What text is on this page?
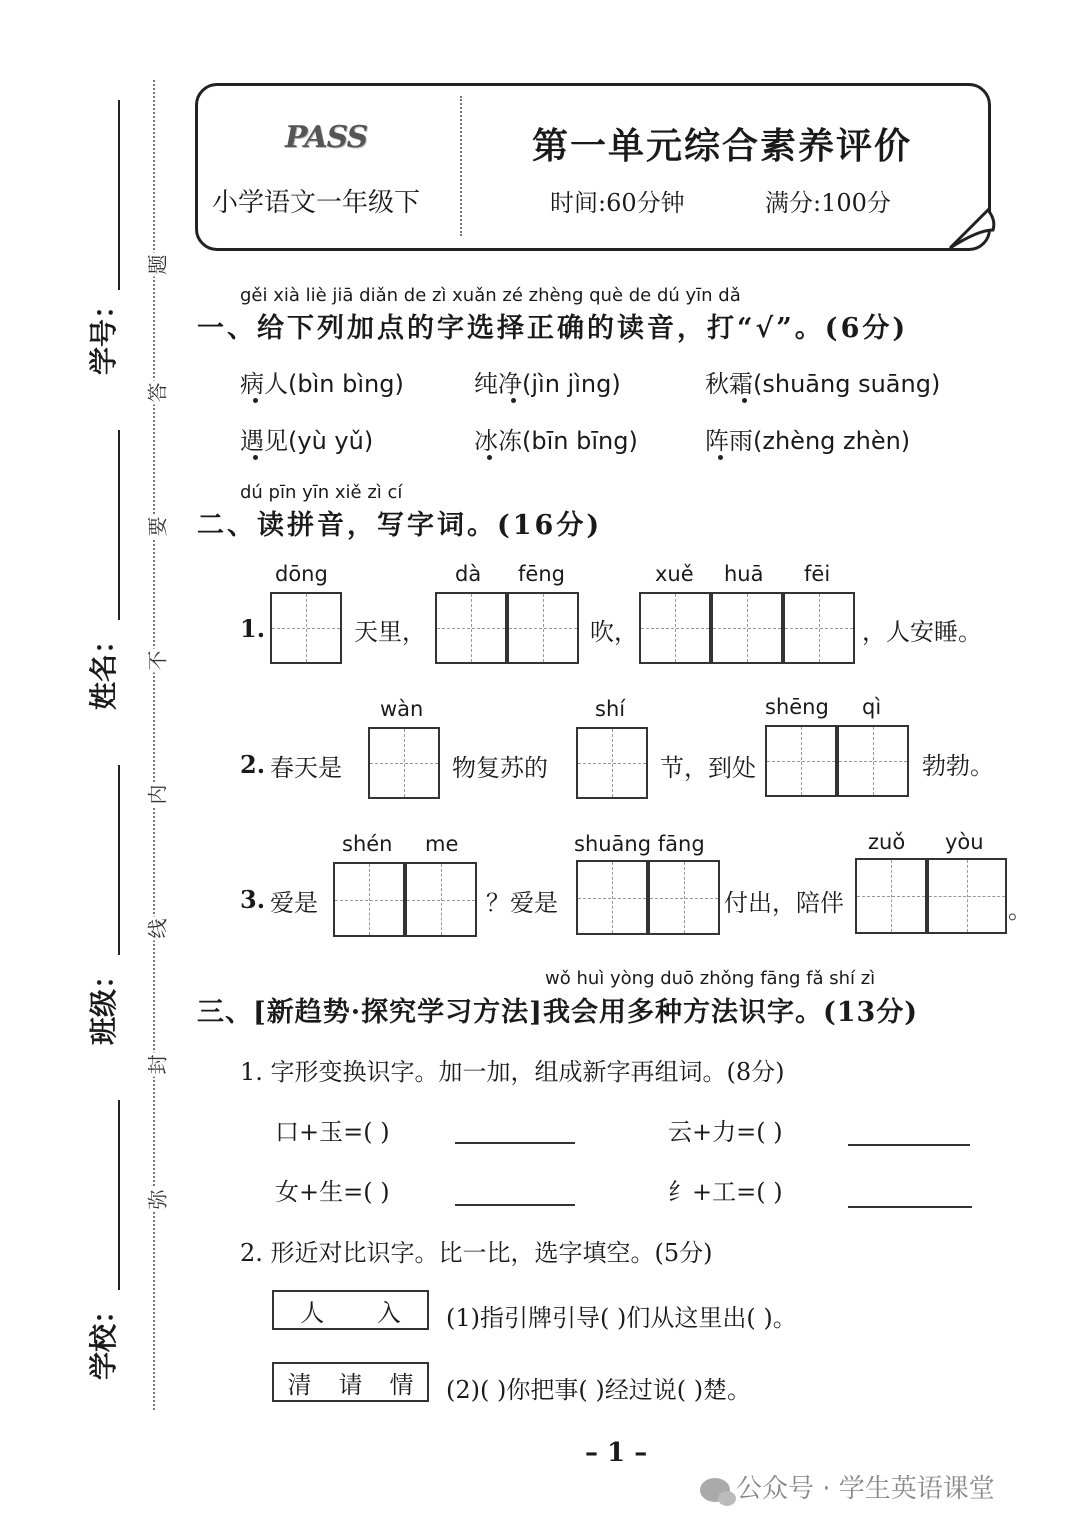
学号：
姓名：
班级：
学校：
题
答
要
不
内
线
封
弥
PASS
小学语文一年级下
第一单元综合素养评价
时间:60分钟	满分:100分
gěi xià liè jiā diǎn de zì xuǎn zé zhèng què de dú yīn dǎ
一、给下列加点的字选择正确的读音，打“√”。(6分)
病人(bìn bìng)	纯净(jìn jìng)	秋霜(shuāng suāng)
遇见(yù yǔ)	冰冻(bīn bīng)	阵雨(zhèng zhèn)
dú pīn yīn xiě zì cí
二、读拼音，写字词。(16分)
1.
dōng
天里，
dà fēng
吹，
xuě huā fēi
，人安睡。
2. 春天是
wàn
物复苏的
shí
节，到处
shēng qì
勃勃。
3. 爱是
shén me
？爱是
shuāng fāng
付出，陪伴
zuǒ yòu
。
wǒ huì yòng duō zhǒng fāng fǎ shí zì
三、[新趋势·探究学习方法]我会用多种方法识字。(13分)
1. 字形变换识字。加一加，组成新字再组词。(8分)
口+玉=( )	云+力=( )
女+生=( )	纟+工=( )
2. 形近对比识字。比一比，选字填空。(5分)
人 入 (1)指引牌引导( )们从这里出( )。
清 请 情 (2)( )你把事( )经过说( )楚。
– 1 –
公众号 · 学生英语课堂
